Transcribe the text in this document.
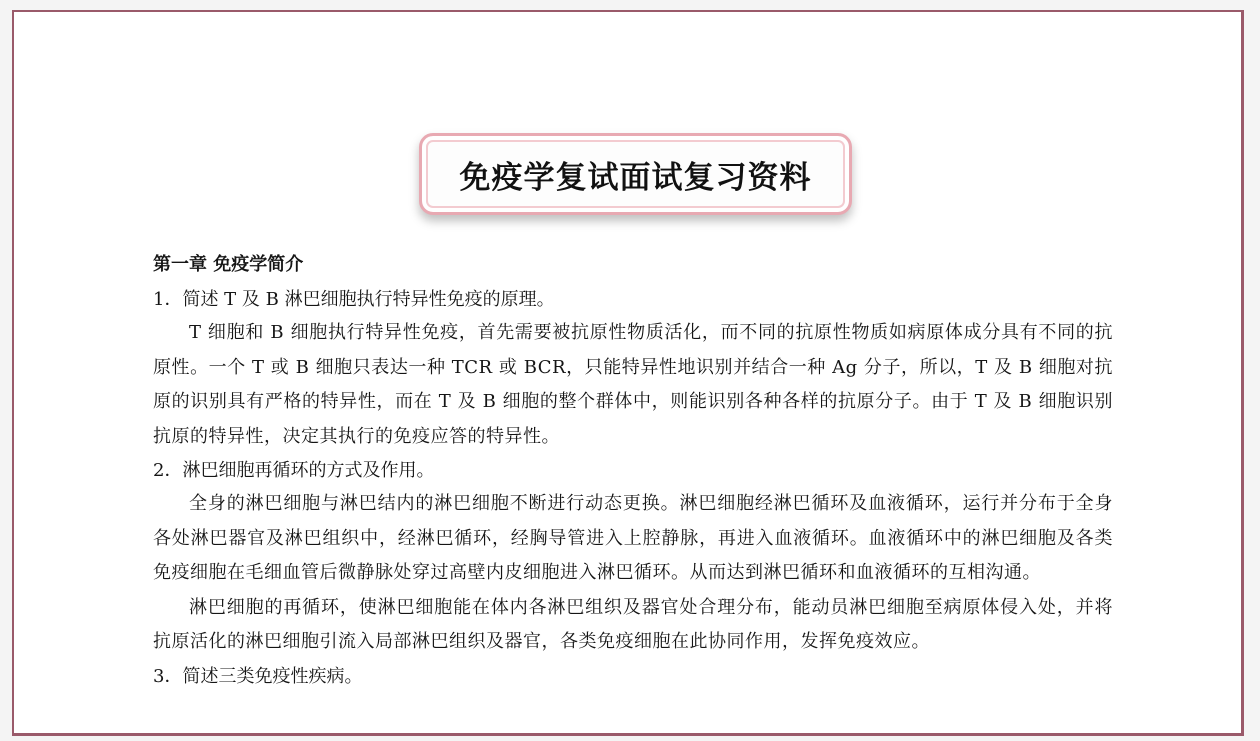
免疫学复试面试复习资料
第一章 免疫学简介
1．简述 T 及 B 淋巴细胞执行特异性免疫的原理。
T 细胞和 B 细胞执行特异性免疫，首先需要被抗原性物质活化，而不同的抗原性物质如病原体成分具有不同的抗原性。一个 T 或 B 细胞只表达一种 TCR 或 BCR，只能特异性地识别并结合一种 Ag 分子，所以，T 及 B 细胞对抗原的识别具有严格的特异性，而在 T 及 B 细胞的整个群体中，则能识别各种各样的抗原分子。由于 T 及 B 细胞识别抗原的特异性，决定其执行的免疫应答的特异性。
2．淋巴细胞再循环的方式及作用。
全身的淋巴细胞与淋巴结内的淋巴细胞不断进行动态更换。淋巴细胞经淋巴循环及血液循环，运行并分布于全身各处淋巴器官及淋巴组织中，经淋巴循环，经胸导管进入上腔静脉，再进入血液循环。血液循环中的淋巴细胞及各类免疫细胞在毛细血管后微静脉处穿过高壁内皮细胞进入淋巴循环。从而达到淋巴循环和血液循环的互相沟通。
淋巴细胞的再循环，使淋巴细胞能在体内各淋巴组织及器官处合理分布，能动员淋巴细胞至病原体侵入处，并将抗原活化的淋巴细胞引流入局部淋巴组织及器官，各类免疫细胞在此协同作用，发挥免疫效应。
3．简述三类免疫性疾病。
